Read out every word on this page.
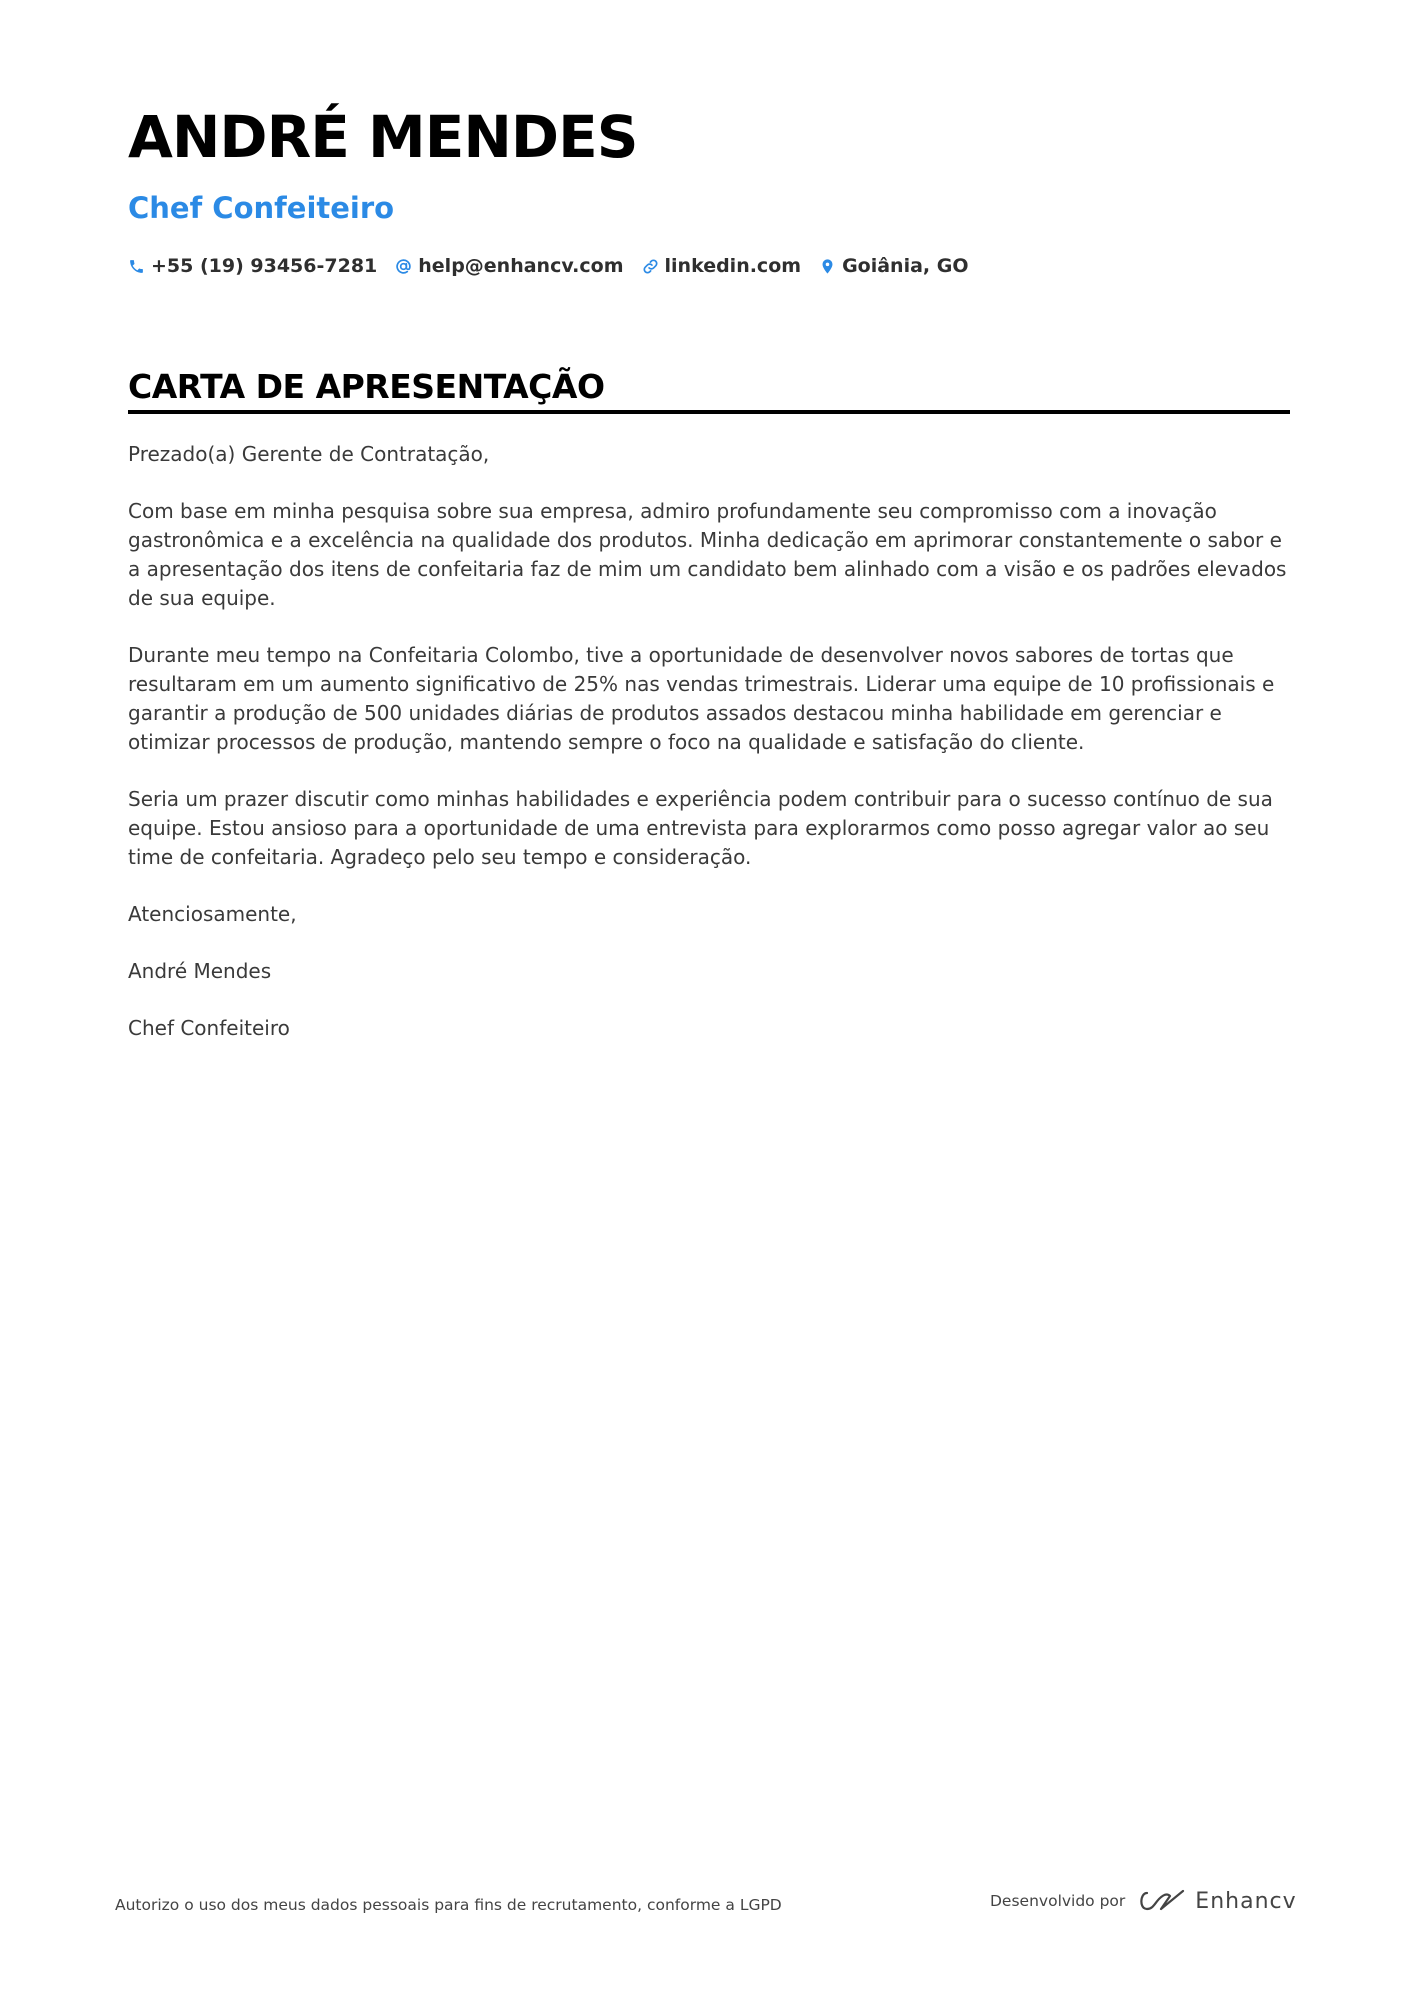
ANDRÉ MENDES
Chef Confeiteiro
+55 (19) 93456-7281 help@enhancv.com linkedin.com Goiânia, GO
CARTA DE APRESENTAÇÃO

Prezado(a) Gerente de Contratação,

Com base em minha pesquisa sobre sua empresa, admiro profundamente seu compromisso com a inovação gastronômica e a excelência na qualidade dos produtos. Minha dedicação em aprimorar constantemente o sabor e a apresentação dos itens de confeitaria faz de mim um candidato bem alinhado com a visão e os padrões elevados de sua equipe.

Durante meu tempo na Confeitaria Colombo, tive a oportunidade de desenvolver novos sabores de tortas que resultaram em um aumento significativo de 25% nas vendas trimestrais. Liderar uma equipe de 10 profissionais e garantir a produção de 500 unidades diárias de produtos assados destacou minha habilidade em gerenciar e otimizar processos de produção, mantendo sempre o foco na qualidade e satisfação do cliente.

Seria um prazer discutir como minhas habilidades e experiência podem contribuir para o sucesso contínuo de sua equipe. Estou ansioso para a oportunidade de uma entrevista para explorarmos como posso agregar valor ao seu time de confeitaria. Agradeço pelo seu tempo e consideração.

Atenciosamente,

André Mendes

Chef Confeiteiro

Autorizo o uso dos meus dados pessoais para fins de recrutamento, conforme a LGPD	Desenvolvido por	Enhancv
